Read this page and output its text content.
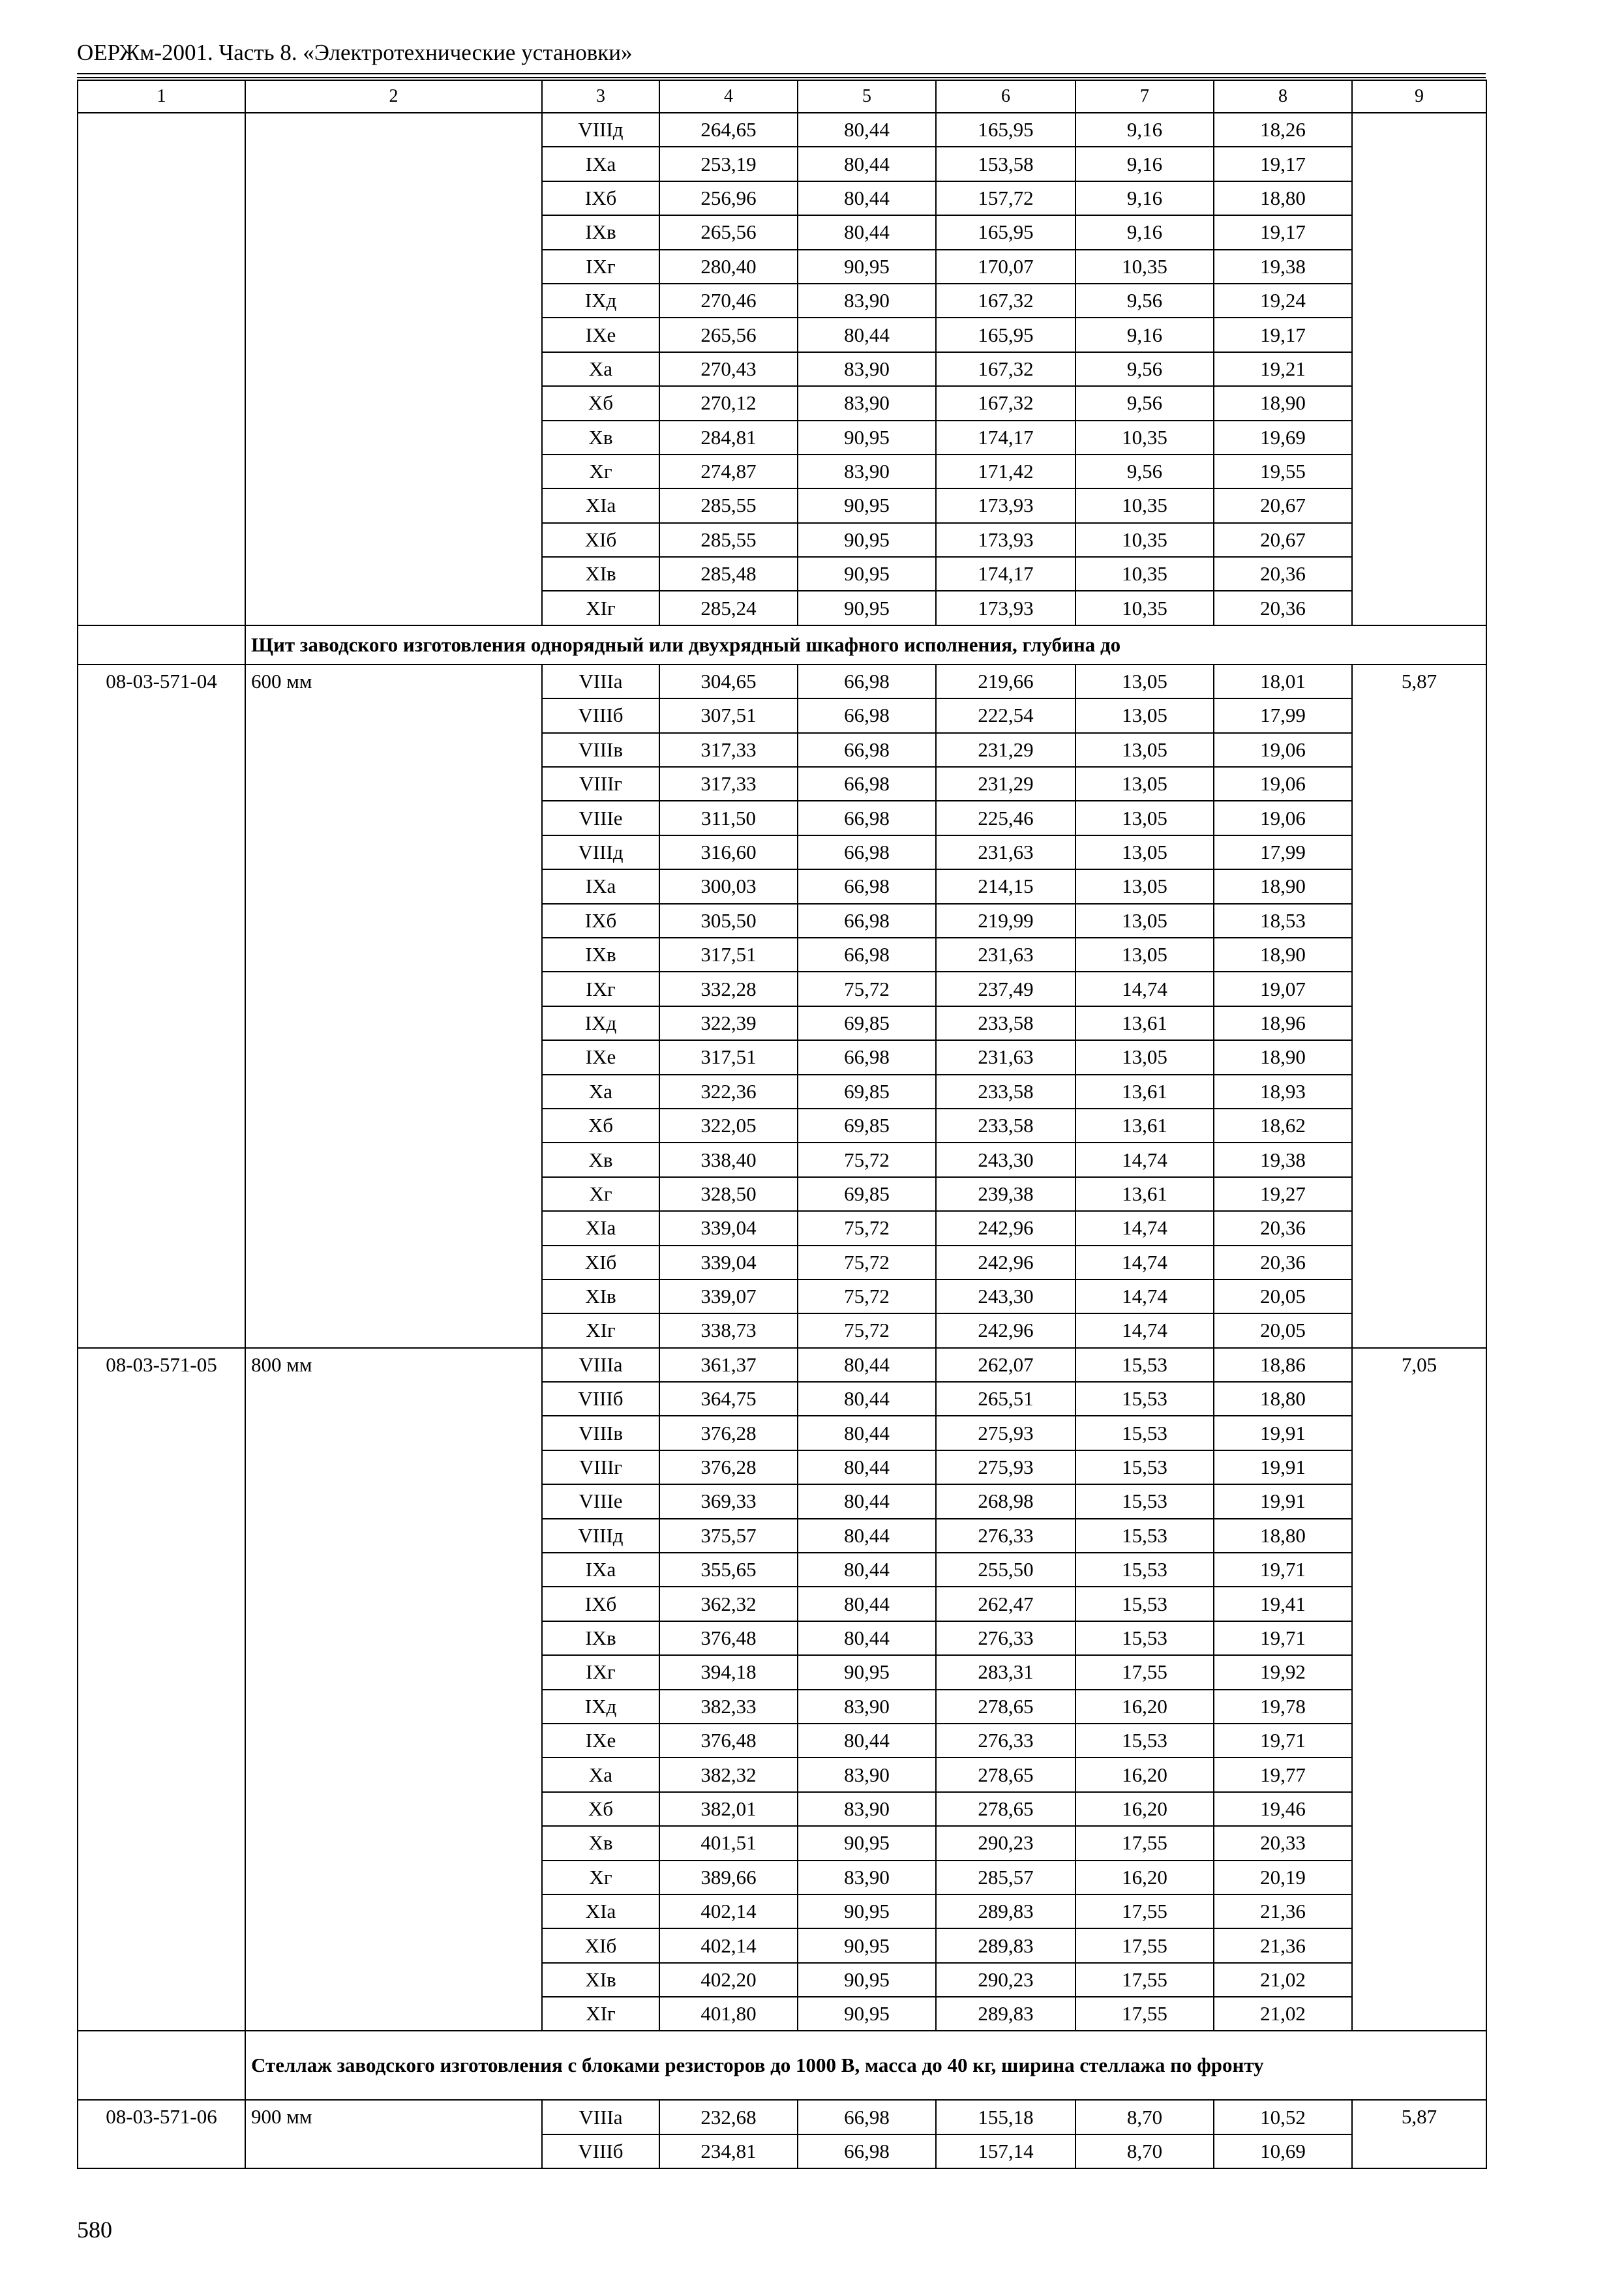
ОЕРЖм-2001. Часть 8. «Электротехнические установки»
1	2	3	4	5	6	7	8	9
		VIIIд	264,65	80,44	165,95	9,16	18,26	
		IXа	253,19	80,44	153,58	9,16	19,17	
		IXб	256,96	80,44	157,72	9,16	18,80	
		IXв	265,56	80,44	165,95	9,16	19,17	
		IXг	280,40	90,95	170,07	10,35	19,38	
		IXд	270,46	83,90	167,32	9,56	19,24	
		IXе	265,56	80,44	165,95	9,16	19,17	
		Xа	270,43	83,90	167,32	9,56	19,21	
		Xб	270,12	83,90	167,32	9,56	18,90	
		Xв	284,81	90,95	174,17	10,35	19,69	
		Xг	274,87	83,90	171,42	9,56	19,55	
		XIа	285,55	90,95	173,93	10,35	20,67	
		XIб	285,55	90,95	173,93	10,35	20,67	
		XIв	285,48	90,95	174,17	10,35	20,36	
		XIг	285,24	90,95	173,93	10,35	20,36	
	Щит заводского изготовления однорядный или двухрядный шкафного исполнения, глубина до							
08-03-571-04	600 мм	VIIIа	304,65	66,98	219,66	13,05	18,01	5,87
		VIIIб	307,51	66,98	222,54	13,05	17,99	
		VIIIв	317,33	66,98	231,29	13,05	19,06	
		VIIIг	317,33	66,98	231,29	13,05	19,06	
		VIIIе	311,50	66,98	225,46	13,05	19,06	
		VIIIд	316,60	66,98	231,63	13,05	17,99	
		IXа	300,03	66,98	214,15	13,05	18,90	
		IXб	305,50	66,98	219,99	13,05	18,53	
		IXв	317,51	66,98	231,63	13,05	18,90	
		IXг	332,28	75,72	237,49	14,74	19,07	
		IXд	322,39	69,85	233,58	13,61	18,96	
		IXе	317,51	66,98	231,63	13,05	18,90	
		Xа	322,36	69,85	233,58	13,61	18,93	
		Xб	322,05	69,85	233,58	13,61	18,62	
		Xв	338,40	75,72	243,30	14,74	19,38	
		Xг	328,50	69,85	239,38	13,61	19,27	
		XIа	339,04	75,72	242,96	14,74	20,36	
		XIб	339,04	75,72	242,96	14,74	20,36	
		XIв	339,07	75,72	243,30	14,74	20,05	
		XIг	338,73	75,72	242,96	14,74	20,05	
08-03-571-05	800 мм	VIIIа	361,37	80,44	262,07	15,53	18,86	7,05
		VIIIб	364,75	80,44	265,51	15,53	18,80	
		VIIIв	376,28	80,44	275,93	15,53	19,91	
		VIIIг	376,28	80,44	275,93	15,53	19,91	
		VIIIе	369,33	80,44	268,98	15,53	19,91	
		VIIIд	375,57	80,44	276,33	15,53	18,80	
		IXа	355,65	80,44	255,50	15,53	19,71	
		IXб	362,32	80,44	262,47	15,53	19,41	
		IXв	376,48	80,44	276,33	15,53	19,71	
		IXг	394,18	90,95	283,31	17,55	19,92	
		IXд	382,33	83,90	278,65	16,20	19,78	
		IXе	376,48	80,44	276,33	15,53	19,71	
		Xа	382,32	83,90	278,65	16,20	19,77	
		Xб	382,01	83,90	278,65	16,20	19,46	
		Xв	401,51	90,95	290,23	17,55	20,33	
		Xг	389,66	83,90	285,57	16,20	20,19	
		XIа	402,14	90,95	289,83	17,55	21,36	
		XIб	402,14	90,95	289,83	17,55	21,36	
		XIв	402,20	90,95	290,23	17,55	21,02	
		XIг	401,80	90,95	289,83	17,55	21,02	
	Стеллаж заводского изготовления с блоками резисторов до 1000 В, масса до 40 кг, ширина стеллажа по фронту							
08-03-571-06	900 мм	VIIIа	232,68	66,98	155,18	8,70	10,52	5,87
		VIIIб	234,81	66,98	157,14	8,70	10,69	
580
